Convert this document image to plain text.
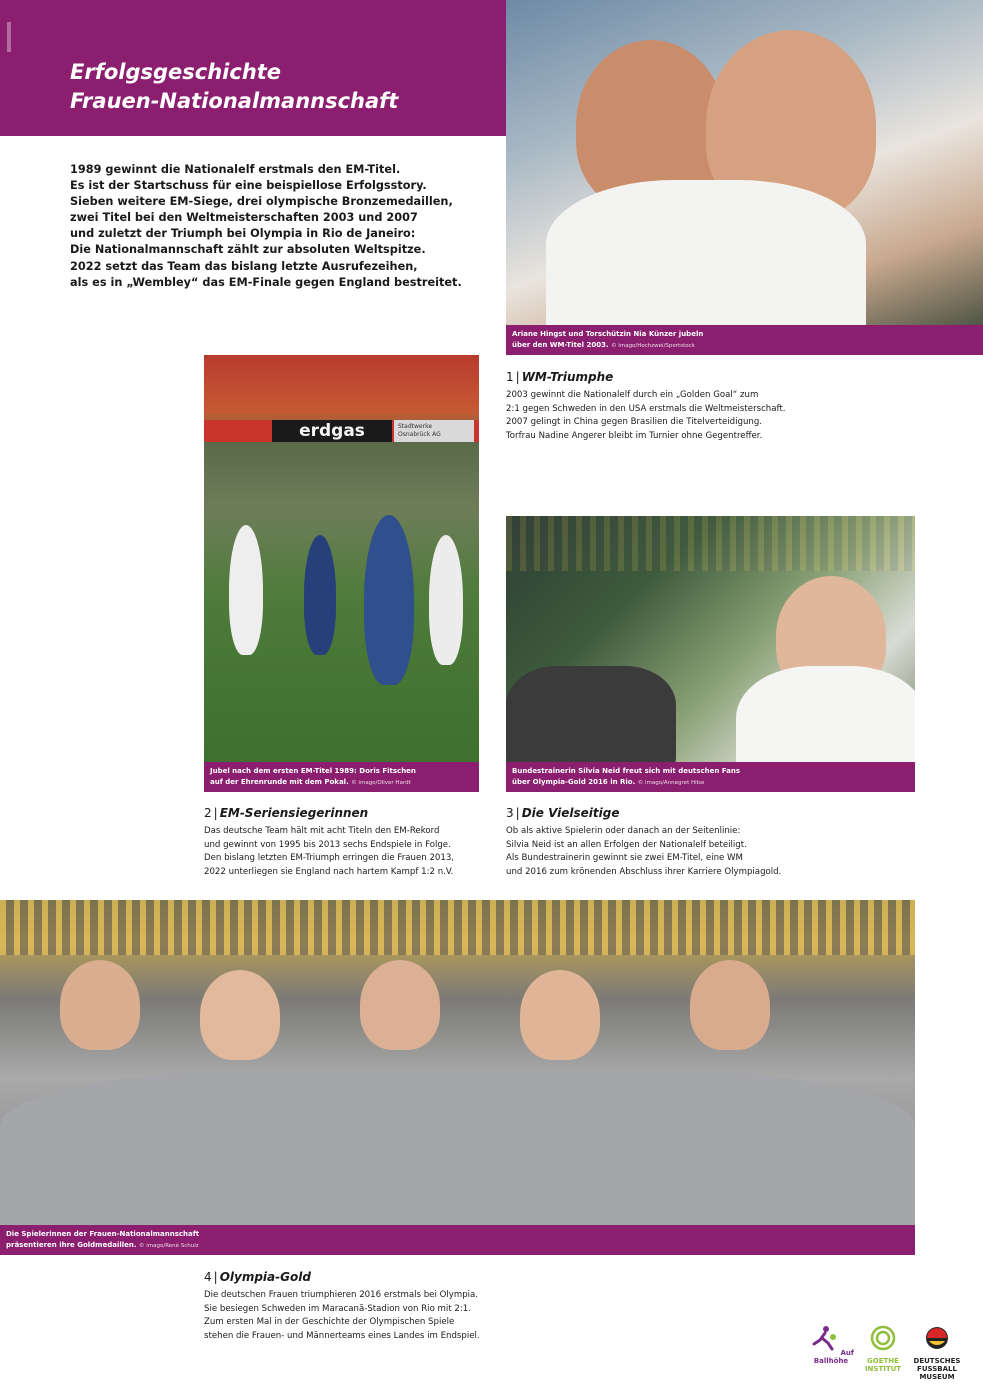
Erfolgsgeschichte
Frauen-Nationalmannschaft

1989 gewinnt die Nationalelf erstmals den EM-Titel.

Es ist der Startschuss für eine beispiellose Erfolgsstory.

Sieben weitere EM-Siege, drei olympische Bronzemedaillen,

zwei Titel bei den Weltmeisterschaften 2003 und 2007

und zuletzt der Triumph bei Olympia in Rio de Janeiro:

Die Nationalmannschaft zählt zur absoluten Weltspitze.

2022 setzt das Team das bislang letzte Ausrufezeihen,

als es in „Wembley“ das EM-Finale gegen England bestreitet.

Ariane Hingst und Torschützin Nia Künzer jubeln
über den WM-Titel 2003. © imago/Hochzwei/Sportstock
erdgas	Stadtwerke
Osnabrück AG
Jubel nach dem ersten EM-Titel 1989: Doris Fitschen
auf der Ehrenrunde mit dem Pokal. © imago/Oliver Hardt
Bundestrainerin Silvia Neid freut sich mit deutschen Fans
über Olympia-Gold 2016 in Rio. © imago/Annegret Hilse
Die Spielerinnen der Frauen-Nationalmannschaft
präsentieren ihre Goldmedaillen. © imago/René Schulz
1 | WM-Triumphe

2003 gewinnt die Nationalelf durch ein „Golden Goal“ zum

2:1 gegen Schweden in den USA erstmals die Weltmeisterschaft.

2007 gelingt in China gegen Brasilien die Titelverteidigung.

Torfrau Nadine Angerer bleibt im Turnier ohne Gegentreffer.

2 | EM-Seriensiegerinnen

Das deutsche Team hält mit acht Titeln den EM-Rekord

und gewinnt von 1995 bis 2013 sechs Endspiele in Folge.

Den bislang letzten EM-Triumph erringen die Frauen 2013,

2022 unterliegen sie England nach hartem Kampf 1:2 n.V.

3 | Die Vielseitige

Ob als aktive Spielerin oder danach an der Seitenlinie:

Silvia Neid ist an allen Erfolgen der Nationalelf beteiligt.

Als Bundestrainerin gewinnt sie zwei EM-Titel, eine WM

und 2016 zum krönenden Abschluss ihrer Karriere Olympiagold.

4 | Olympia-Gold

Die deutschen Frauen triumphieren 2016 erstmals bei Olympia.

Sie besiegen Schweden im Maracanã-Stadion von Rio mit 2:1.

Zum ersten Mal in der Geschichte der Olympischen Spiele

stehen die Frauen- und Männerteams eines Landes im Endspiel.

Auf
Ballhöhe	GOETHE
INSTITUT
DEUTSCHES
FUSSBALL
MUSEUM
